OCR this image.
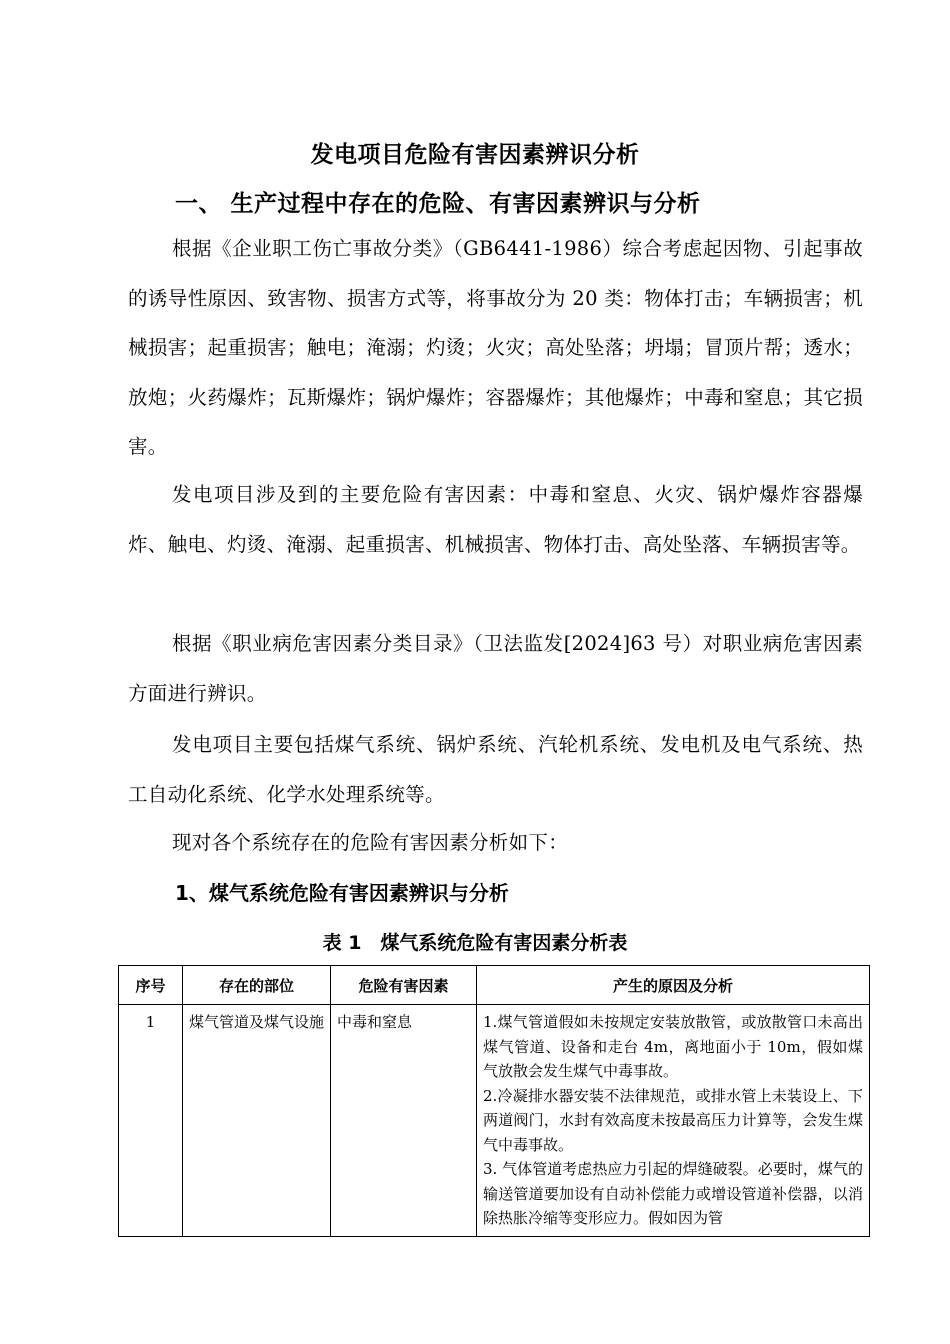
发电项目危险有害因素辨识分析
一、 生产过程中存在的危险、有害因素辨识与分析

根据《企业职工伤亡事故分类》（GB6441-1986）综合考虑起因物、引起事故的诱导性原因、致害物、损害方式等，将事故分为 20 类：物体打击；车辆损害；机械损害；起重损害；触电；淹溺；灼烫；火灾；高处坠落；坍塌；冒顶片帮；透水；放炮；火药爆炸；瓦斯爆炸；锅炉爆炸；容器爆炸；其他爆炸；中毒和窒息；其它损害。

发电项目涉及到的主要危险有害因素：中毒和窒息、火灾、锅炉爆炸容器爆炸、触电、灼烫、淹溺、起重损害、机械损害、物体打击、高处坠落、车辆损害等。

根据《职业病危害因素分类目录》（卫法监发[2024]63 号）对职业病危害因素方面进行辨识。

发电项目主要包括煤气系统、锅炉系统、汽轮机系统、发电机及电气系统、热工自动化系统、化学水处理系统等。

现对各个系统存在的危险有害因素分析如下：

1、煤气系统危险有害因素辨识与分析
表 1　煤气系统危险有害因素分析表
序号	存在的部位	危险有害因素	产生的原因及分析
1	煤气管道及煤气设施	中毒和窒息	1.煤气管道假如未按规定安装放散管，或放散管口未高出煤气管道、设备和走台 4m，离地面小于 10m，假如煤气放散会发生煤气中毒事故。
2.冷凝排水器安装不法律规范，或排水管上未装设上、下两道阀门，水封有效高度未按最高压力计算等，会发生煤气中毒事故。
3. 气体管道考虑热应力引起的焊缝破裂。必要时，煤气的输送管道要加设有自动补偿能力或增设管道补偿器，以消除热胀冷缩等变形应力。假如因为管
